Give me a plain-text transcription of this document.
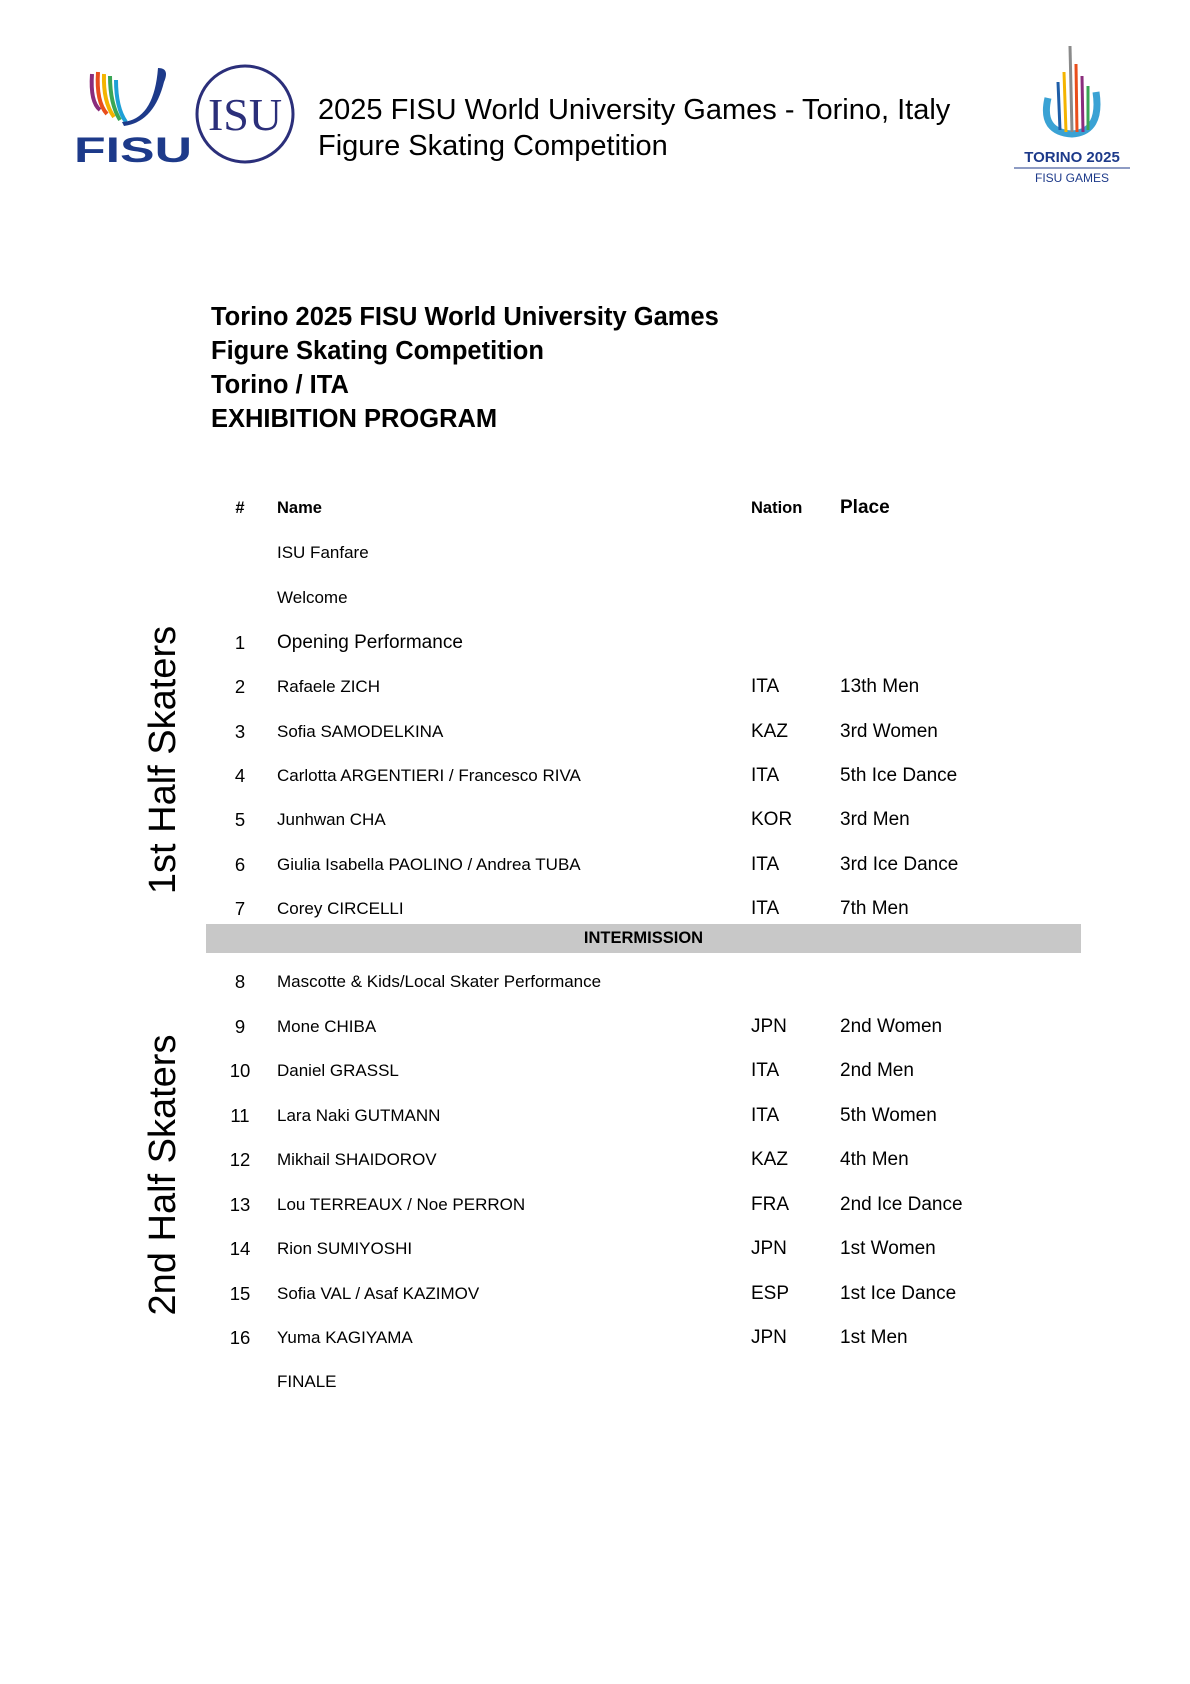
FISU
ISU
TORINO 2025
FISU GAMES
2025 FISU World University Games - Torino, Italy
Figure Skating Competition
Torino 2025 FISU World University Games
Figure Skating Competition
Torino / ITA
EXHIBITION PROGRAM
1st Half Skaters
2nd Half Skaters
#	Name	Nation Place
ISU Fanfare
Welcome
1	Opening Performance
2	Rafaele ZICH	ITA	13th Men
3	Sofia SAMODELKINA	KAZ	3rd Women
4	Carlotta ARGENTIERI / Francesco RIVA	ITA	5th Ice Dance
5	Junhwan CHA	KOR	3rd Men
6	Giulia Isabella PAOLINO / Andrea TUBA	ITA	3rd Ice Dance
7	Corey CIRCELLI	ITA	7th Men
INTERMISSION
8	Mascotte & Kids/Local Skater Performance
9	Mone CHIBA	JPN	2nd Women
10	Daniel GRASSL	ITA	2nd Men
11	Lara Naki GUTMANN	ITA	5th Women
12	Mikhail SHAIDOROV	KAZ	4th Men
13	Lou TERREAUX / Noe PERRON	FRA	2nd Ice Dance
14	Rion SUMIYOSHI	JPN	1st Women
15	Sofia VAL / Asaf KAZIMOV	ESP	1st Ice Dance
16	Yuma KAGIYAMA	JPN	1st Men
FINALE
